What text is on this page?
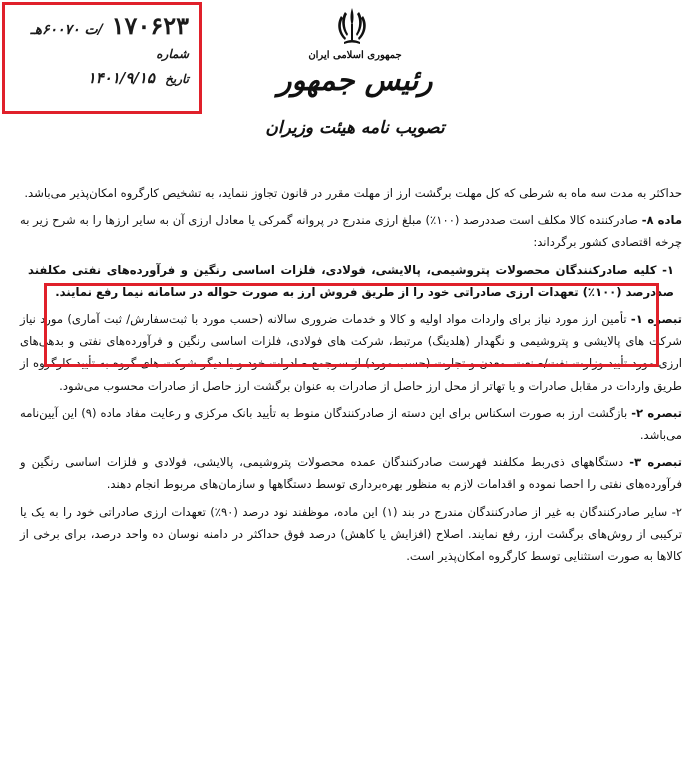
۱۷۰۶۲۳ /ت ۶۰۰۷۰هـ
شماره
تاریخ ۱۴۰۱/۹/۱۵
جمهوری اسلامی ایران
رئیس جمهور
تصویب نامه هیئت وزیران

حداکثر به مدت سه ماه به شرطی که کل مهلت برگشت ارز از مهلت مقرر در قانون تجاوز ننماید، به تشخیص کارگروه امکان‌پذیر می‌باشد.

ماده ۸- صادرکننده کالا مکلف است صددرصد (۱۰۰٪) مبلغ ارزی مندرج در پروانه گمرکی یا معادل ارزی آن به سایر ارزها را به شرح زیر به چرخه اقتصادی کشور برگرداند:

۱- کلیه صادرکنندگان محصولات پتروشیمی، پالایشی، فولادی، فلزات اساسی رنگین و فرآورده‌های نفتی مکلفند صددرصد (۱۰۰٪) تعهدات ارزی صادراتی خود را از طریق فروش ارز به صورت حواله در سامانه نیما رفع نمایند.

تبصره ۱- تأمین ارز مورد نیاز برای واردات مواد اولیه و کالا و خدمات ضروری سالانه (حسب مورد با ثبت‌سفارش/ ثبت آماری) مورد نیاز شرکت های پالایشی و پتروشیمی و نگهدار (هلدینگ) مرتبط، شرکت های فولادی، فلزات اساسی رنگین و فرآورده‌های نفتی و بدهی‌های ارزی مورد تأیید وزارت نفت/صنعت، معدن و تجارت (حسب مورد) از سرجمع صادرات خود و یا دیگر شرکت های گروه به تأیید کارگروه از طریق واردات در مقابل صادرات و یا تهاتر از محل ارز حاصل از صادرات به عنوان برگشت ارز حاصل از صادرات محسوب می‌شود.

تبصره ۲- بازگشت ارز به صورت اسکناس برای این دسته از صادرکنندگان منوط به تأیید بانک مرکزی و رعایت مفاد ماده (۹) این آیین‌نامه می‌باشد.

تبصره ۳- دستگاههای ذی‌ربط مکلفند فهرست صادرکنندگان عمده محصولات پتروشیمی، پالایشی، فولادی و فلزات اساسی رنگین و فرآورده‌های نفتی را احصا نموده و اقدامات لازم به منظور بهره‌برداری توسط دستگاهها و سازمان‌های مربوط انجام دهند.

۲- سایر صادرکنندگان به غیر از صادرکنندگان مندرج در بند (۱) این ماده، موظفند نود درصد (۹۰٪) تعهدات ارزی صادراتی خود را به یک یا ترکیبی از روش‌های برگشت ارز، رفع نمایند. اصلاح (افزایش یا کاهش) درصد فوق حداکثر در دامنه نوسان ده واحد درصد، برای برخی از کالاها به صورت استثنایی توسط کارگروه امکان‌پذیر است.
